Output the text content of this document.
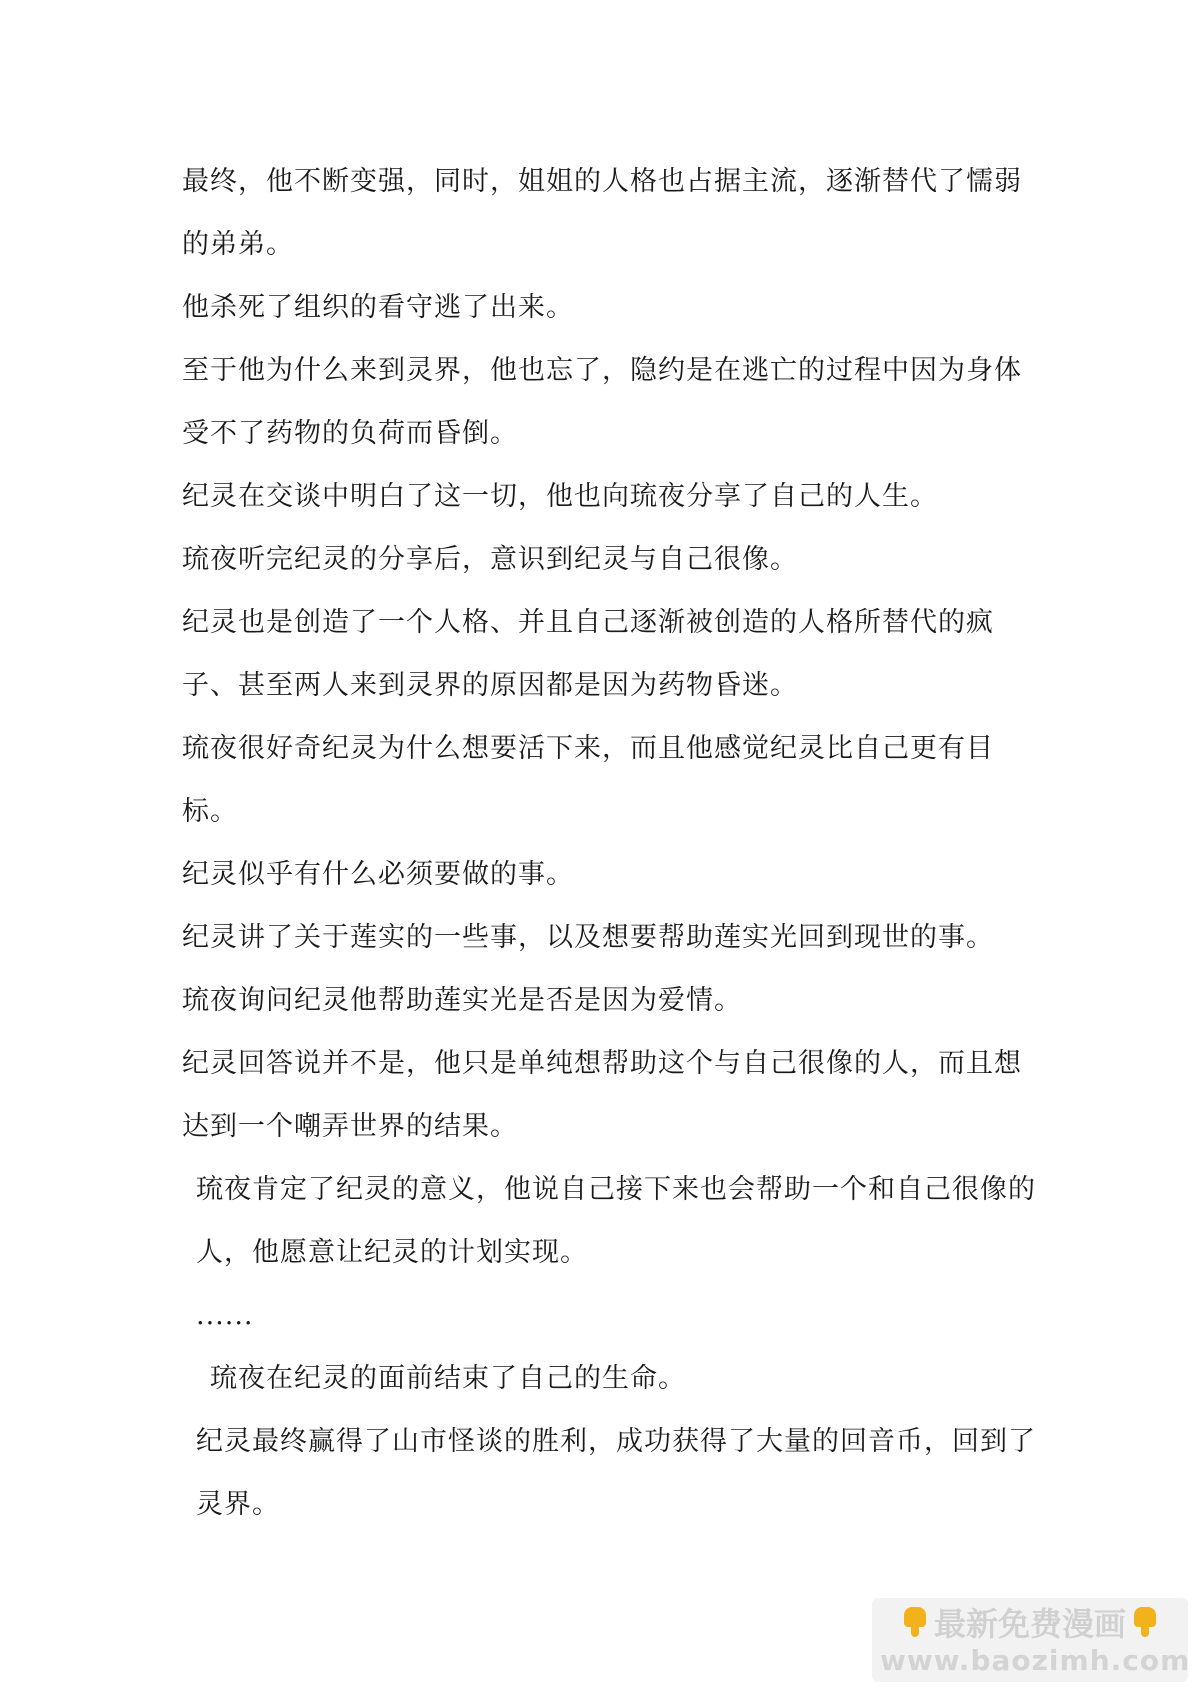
最终，他不断变强，同时，姐姐的人格也占据主流，逐渐替代了懦弱的弟弟。

他杀死了组织的看守逃了出来。

至于他为什么来到灵界，他也忘了，隐约是在逃亡的过程中因为身体受不了药物的负荷而昏倒。

纪灵在交谈中明白了这一切，他也向琉夜分享了自己的人生。

琉夜听完纪灵的分享后，意识到纪灵与自己很像。

纪灵也是创造了一个人格、并且自己逐渐被创造的人格所替代的疯子、甚至两人来到灵界的原因都是因为药物昏迷。

琉夜很好奇纪灵为什么想要活下来，而且他感觉纪灵比自己更有目标。

纪灵似乎有什么必须要做的事。

纪灵讲了关于莲实的一些事，以及想要帮助莲实光回到现世的事。

琉夜询问纪灵他帮助莲实光是否是因为爱情。

纪灵回答说并不是，他只是单纯想帮助这个与自己很像的人，而且想达到一个嘲弄世界的结果。

琉夜肯定了纪灵的意义，他说自己接下来也会帮助一个和自己很像的人，他愿意让纪灵的计划实现。

......

琉夜在纪灵的面前结束了自己的生命。

纪灵最终赢得了山市怪谈的胜利，成功获得了大量的回音币，回到了灵界。

最新免费漫画
www.baozimh.com
